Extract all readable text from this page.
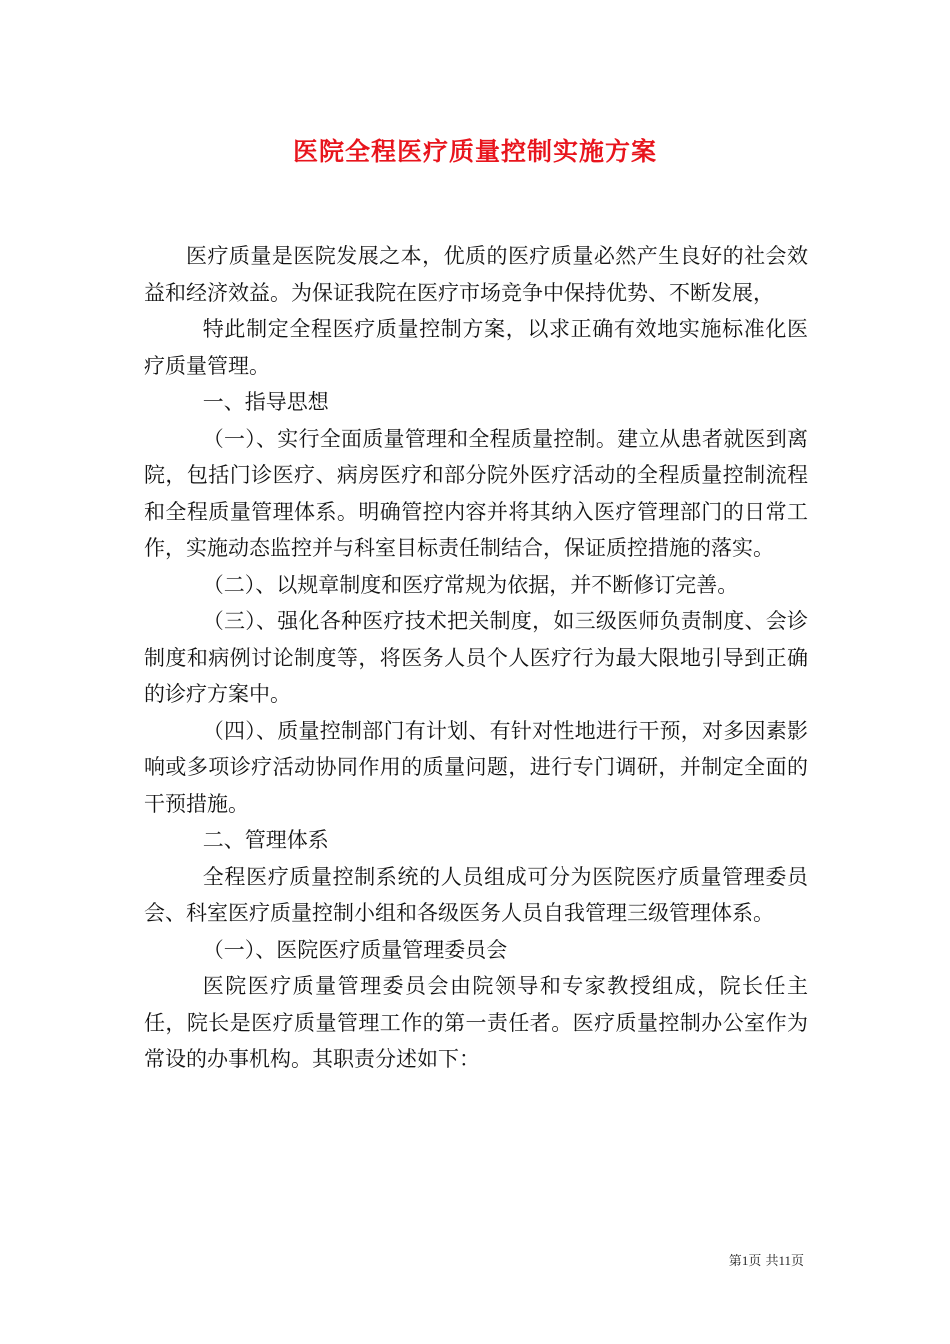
医院全程医疗质量控制实施方案

医疗质量是医院发展之本，优质的医疗质量必然产生良好的社会效益和经济效益。为保证我院在医疗市场竞争中保持优势、不断发展，

特此制定全程医疗质量控制方案，以求正确有效地实施标准化医疗质量管理。

一、指导思想

（一）、实行全面质量管理和全程质量控制。建立从患者就医到离院，包括门诊医疗、病房医疗和部分院外医疗活动的全程质量控制流程和全程质量管理体系。明确管控内容并将其纳入医疗管理部门的日常工作，实施动态监控并与科室目标责任制结合，保证质控措施的落实。

（二）、以规章制度和医疗常规为依据，并不断修订完善。

（三）、强化各种医疗技术把关制度，如三级医师负责制度、会诊制度和病例讨论制度等，将医务人员个人医疗行为最大限地引导到正确的诊疗方案中。

（四）、质量控制部门有计划、有针对性地进行干预，对多因素影响或多项诊疗活动协同作用的质量问题，进行专门调研，并制定全面的干预措施。

二、管理体系

全程医疗质量控制系统的人员组成可分为医院医疗质量管理委员会、科室医疗质量控制小组和各级医务人员自我管理三级管理体系。

（一）、医院医疗质量管理委员会

医院医疗质量管理委员会由院领导和专家教授组成，院长任主任，院长是医疗质量管理工作的第一责任者。医疗质量控制办公室作为常设的办事机构。其职责分述如下：

第1页 共11页
